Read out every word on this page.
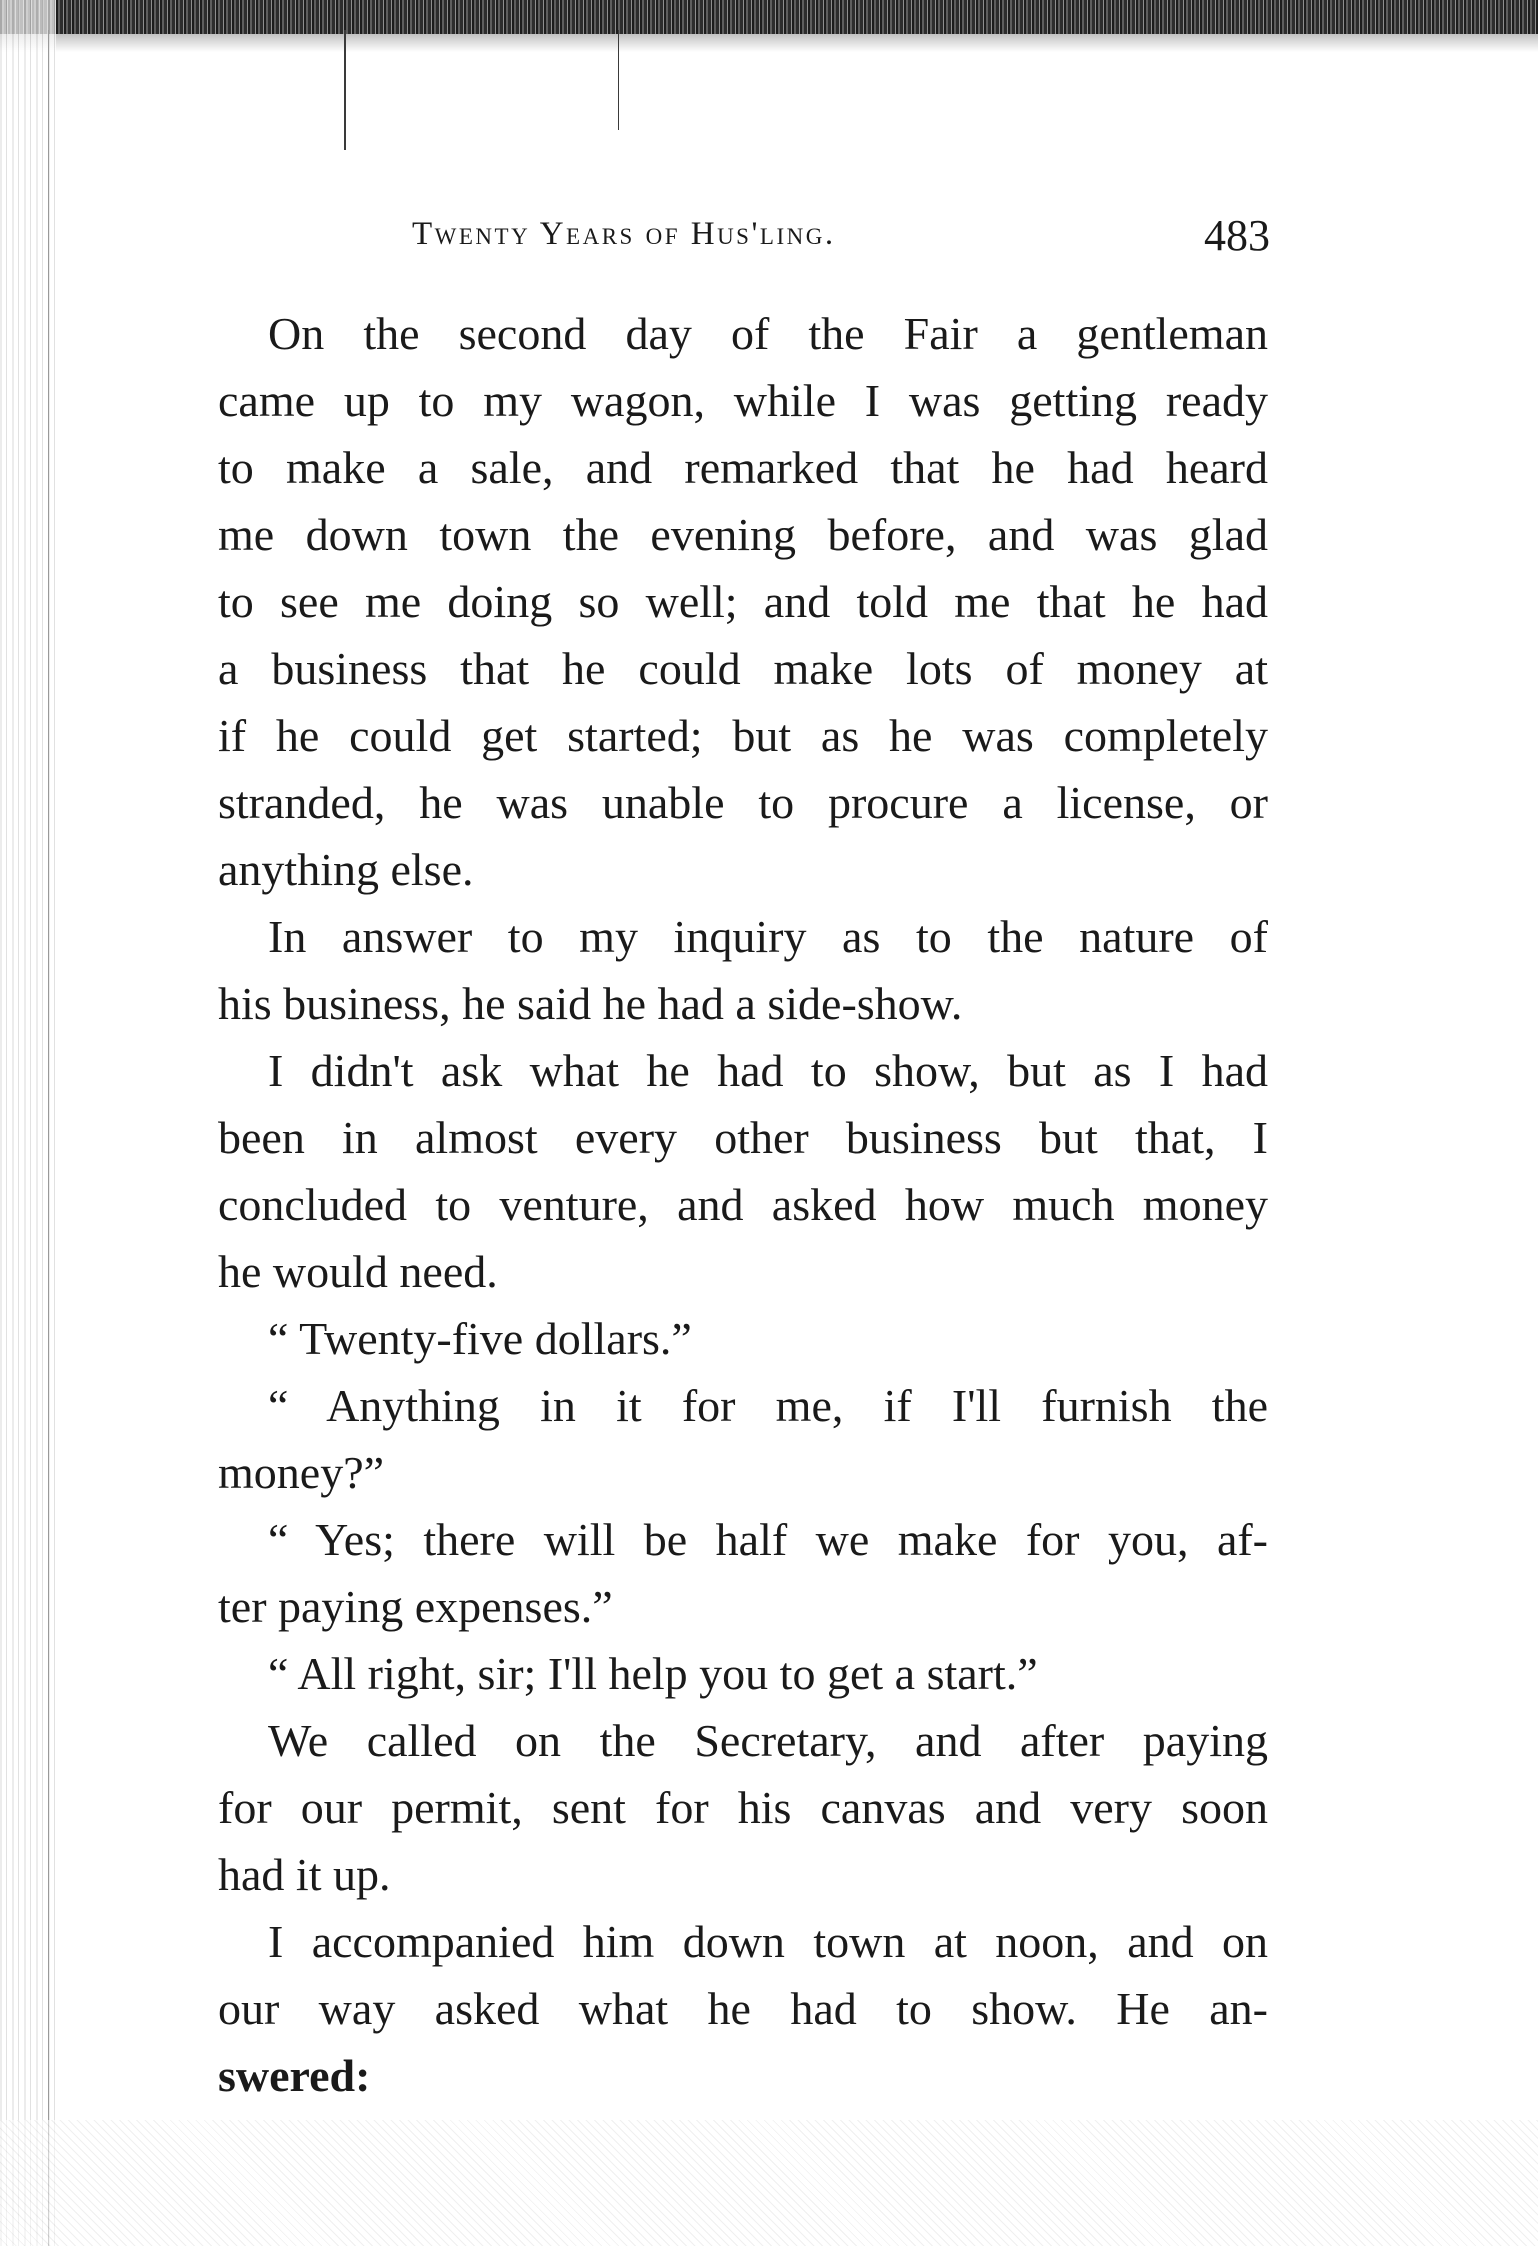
Twenty Years of Hus'ling.	483
On the second day of the Fair a gentleman
came up to my wagon, while I was getting ready
to make a sale, and remarked that he had heard
me down town the evening before, and was glad
to see me doing so well; and told me that he had
a business that he could make lots of money at
if he could get started; but as he was completely
stranded, he was unable to procure a license, or
anything else.
In answer to my inquiry as to the nature of
his business, he said he had a side-show.
I didn't ask what he had to show, but as I had
been in almost every other business but that, I
concluded to venture, and asked how much money
he would need.
“ Twenty-five dollars.”
“ Anything in it for me, if I'll furnish the
money?”
“ Yes; there will be half we make for you, af-
ter paying expenses.”
“ All right, sir; I'll help you to get a start.”
We called on the Secretary, and after paying
for our permit, sent for his canvas and very soon
had it up.
I accompanied him down town at noon, and on
our way asked what he had to show. He an-
swered:
